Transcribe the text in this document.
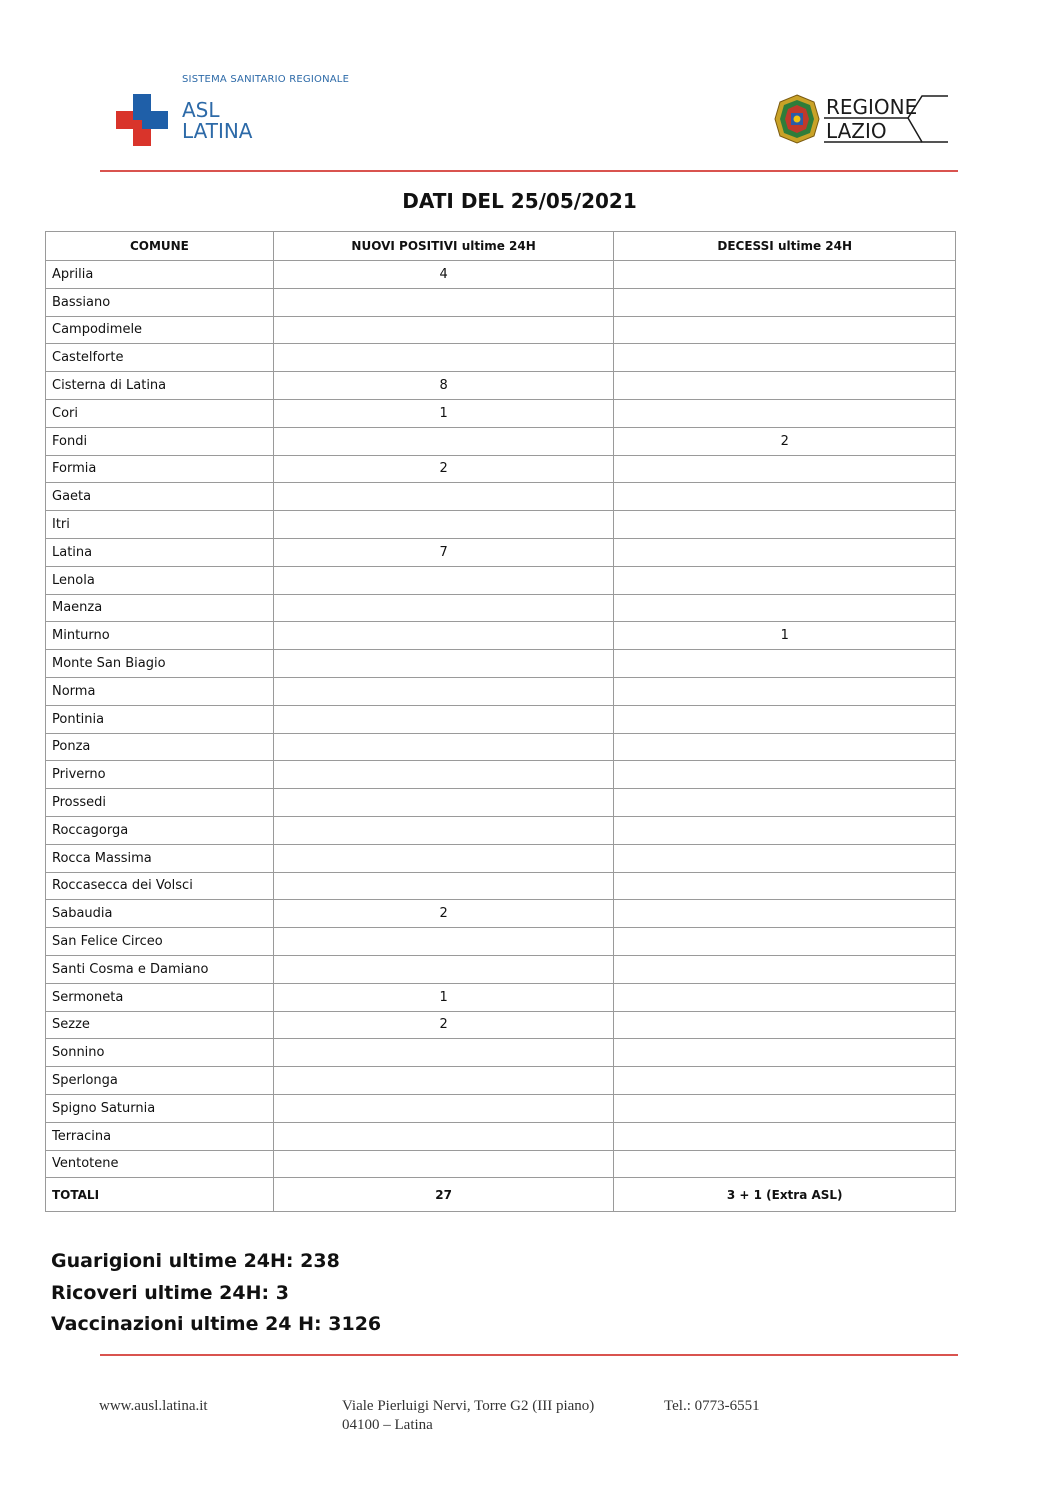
SISTEMA SANITARIO REGIONALE
ASL
LATINA
REGIONE
LAZIO
DATI DEL 25/05/2021
COMUNE	NUOVI POSITIVI ultime 24H	DECESSI ultime 24H
Aprilia	4	
Bassiano		
Campodimele		
Castelforte		
Cisterna di Latina	8	
Cori	1	
Fondi		2
Formia	2	
Gaeta		
Itri		
Latina	7	
Lenola		
Maenza		
Minturno		1
Monte San Biagio		
Norma		
Pontinia		
Ponza		
Priverno		
Prossedi		
Roccagorga		
Rocca Massima		
Roccasecca dei Volsci		
Sabaudia	2	
San Felice Circeo		
Santi Cosma e Damiano		
Sermoneta	1	
Sezze	2	
Sonnino		
Sperlonga		
Spigno Saturnia		
Terracina		
Ventotene		
TOTALI	27	3 + 1 (Extra ASL)
Guarigioni ultime 24H: 238
Ricoveri ultime 24H: 3
Vaccinazioni ultime 24 H: 3126
www.ausl.latina.it	Viale Pierluigi Nervi, Torre G2 (III piano)
04100 – Latina
Tel.: 0773-6551
